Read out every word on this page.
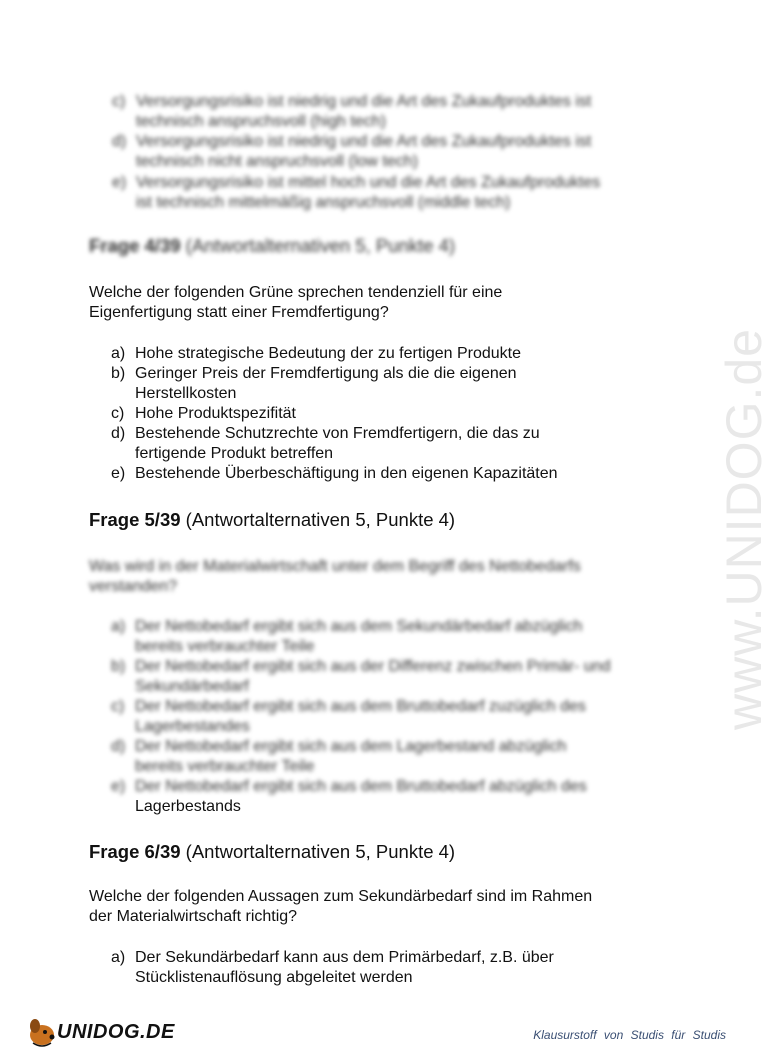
www.UNIDOG.de
c) Versorgungsrisiko ist niedrig und die Art des Zukaufproduktes ist
technisch anspruchsvoll (high tech)
d) Versorgungsrisiko ist niedrig und die Art des Zukaufproduktes ist
technisch nicht anspruchsvoll (low tech)
e) Versorgungsrisiko ist mittel hoch und die Art des Zukaufproduktes
ist technisch mittelmäßig anspruchsvoll (middle tech)
Frage 4/39 (Antwortalternativen 5, Punkte 4)
Welche der folgenden Grüne sprechen tendenziell für eine
Eigenfertigung statt einer Fremdfertigung?
a) Hohe strategische Bedeutung der zu fertigen Produkte
b) Geringer Preis der Fremdfertigung als die die eigenen
Herstellkosten
c) Hohe Produktspezifität
d) Bestehende Schutzrechte von Fremdfertigern, die das zu
fertigende Produkt betreffen
e) Bestehende Überbeschäftigung in den eigenen Kapazitäten
Frage 5/39 (Antwortalternativen 5, Punkte 4)
Was wird in der Materialwirtschaft unter dem Begriff des Nettobedarfs
verstanden?
a) Der Nettobedarf ergibt sich aus dem Sekundärbedarf abzüglich
bereits verbrauchter Teile
b) Der Nettobedarf ergibt sich aus der Differenz zwischen Primär- und
Sekundärbedarf
c) Der Nettobedarf ergibt sich aus dem Bruttobedarf zuzüglich des
Lagerbestandes
d) Der Nettobedarf ergibt sich aus dem Lagerbestand abzüglich
bereits verbrauchter Teile
e) Der Nettobedarf ergibt sich aus dem Bruttobedarf abzüglich des
Lagerbestands
Frage 6/39 (Antwortalternativen 5, Punkte 4)
Welche der folgenden Aussagen zum Sekundärbedarf sind im Rahmen
der Materialwirtschaft richtig?
a) Der Sekundärbedarf kann aus dem Primärbedarf, z.B. über
Stücklistenauflösung abgeleitet werden
UNIDOG.DE	Klausurstoff von Studis für Studis
